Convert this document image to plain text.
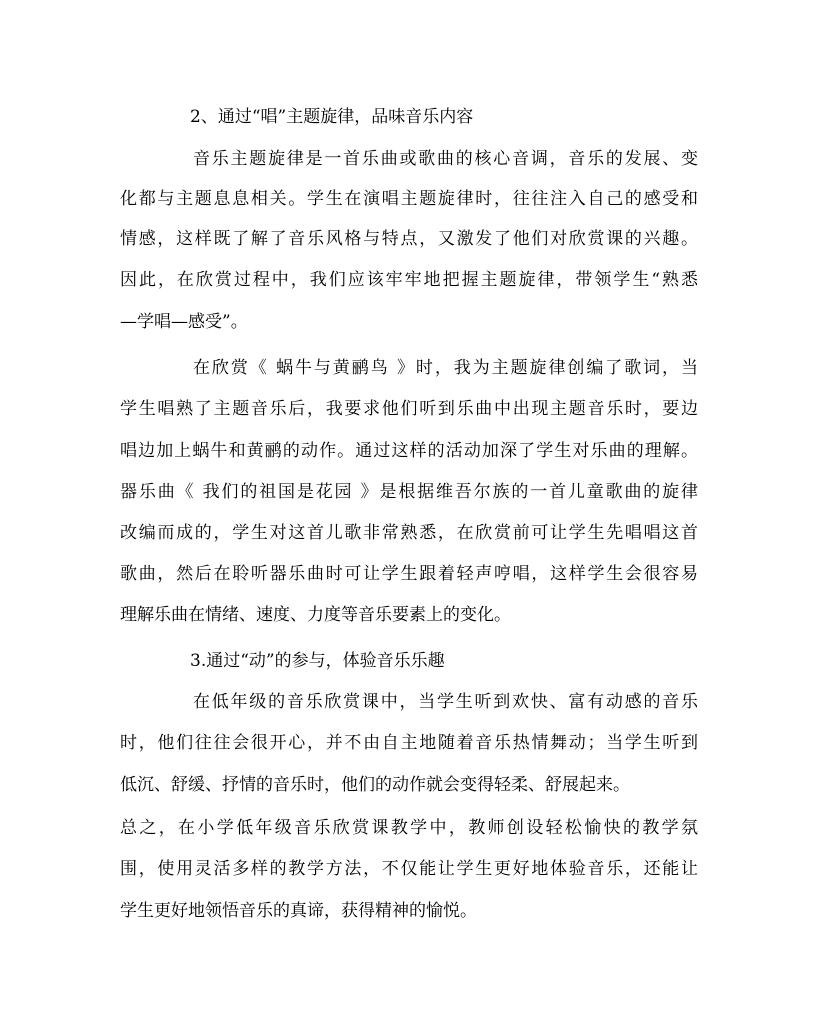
2、通过“唱”主题旋律，品味音乐内容
音乐主题旋律是一首乐曲或歌曲的核心音调，音乐的发展、变
化都与主题息息相关。学生在演唱主题旋律时，往往注入自己的感受和
情感，这样既了解了音乐风格与特点，又激发了他们对欣赏课的兴趣。
因此，在欣赏过程中，我们应该牢牢地把握主题旋律，带领学生“熟悉
—学唱—感受”。
在欣赏《 蜗牛与黄鹂鸟 》时，我为主题旋律创编了歌词，当
学生唱熟了主题音乐后，我要求他们听到乐曲中出现主题音乐时，要边
唱边加上蜗牛和黄鹂的动作。通过这样的活动加深了学生对乐曲的理解。
器乐曲《 我们的祖国是花园 》是根据维吾尔族的一首儿童歌曲的旋律
改编而成的，学生对这首儿歌非常熟悉，在欣赏前可让学生先唱唱这首
歌曲，然后在聆听器乐曲时可让学生跟着轻声哼唱，这样学生会很容易
理解乐曲在情绪、速度、力度等音乐要素上的变化。
3.通过“动”的参与，体验音乐乐趣
在低年级的音乐欣赏课中，当学生听到欢快、富有动感的音乐
时，他们往往会很开心，并不由自主地随着音乐热情舞动；当学生听到
低沉、舒缓、抒情的音乐时，他们的动作就会变得轻柔、舒展起来。
总之，在小学低年级音乐欣赏课教学中，教师创设轻松愉快的教学氛
围，使用灵活多样的教学方法，不仅能让学生更好地体验音乐，还能让
学生更好地领悟音乐的真谛，获得精神的愉悦。
